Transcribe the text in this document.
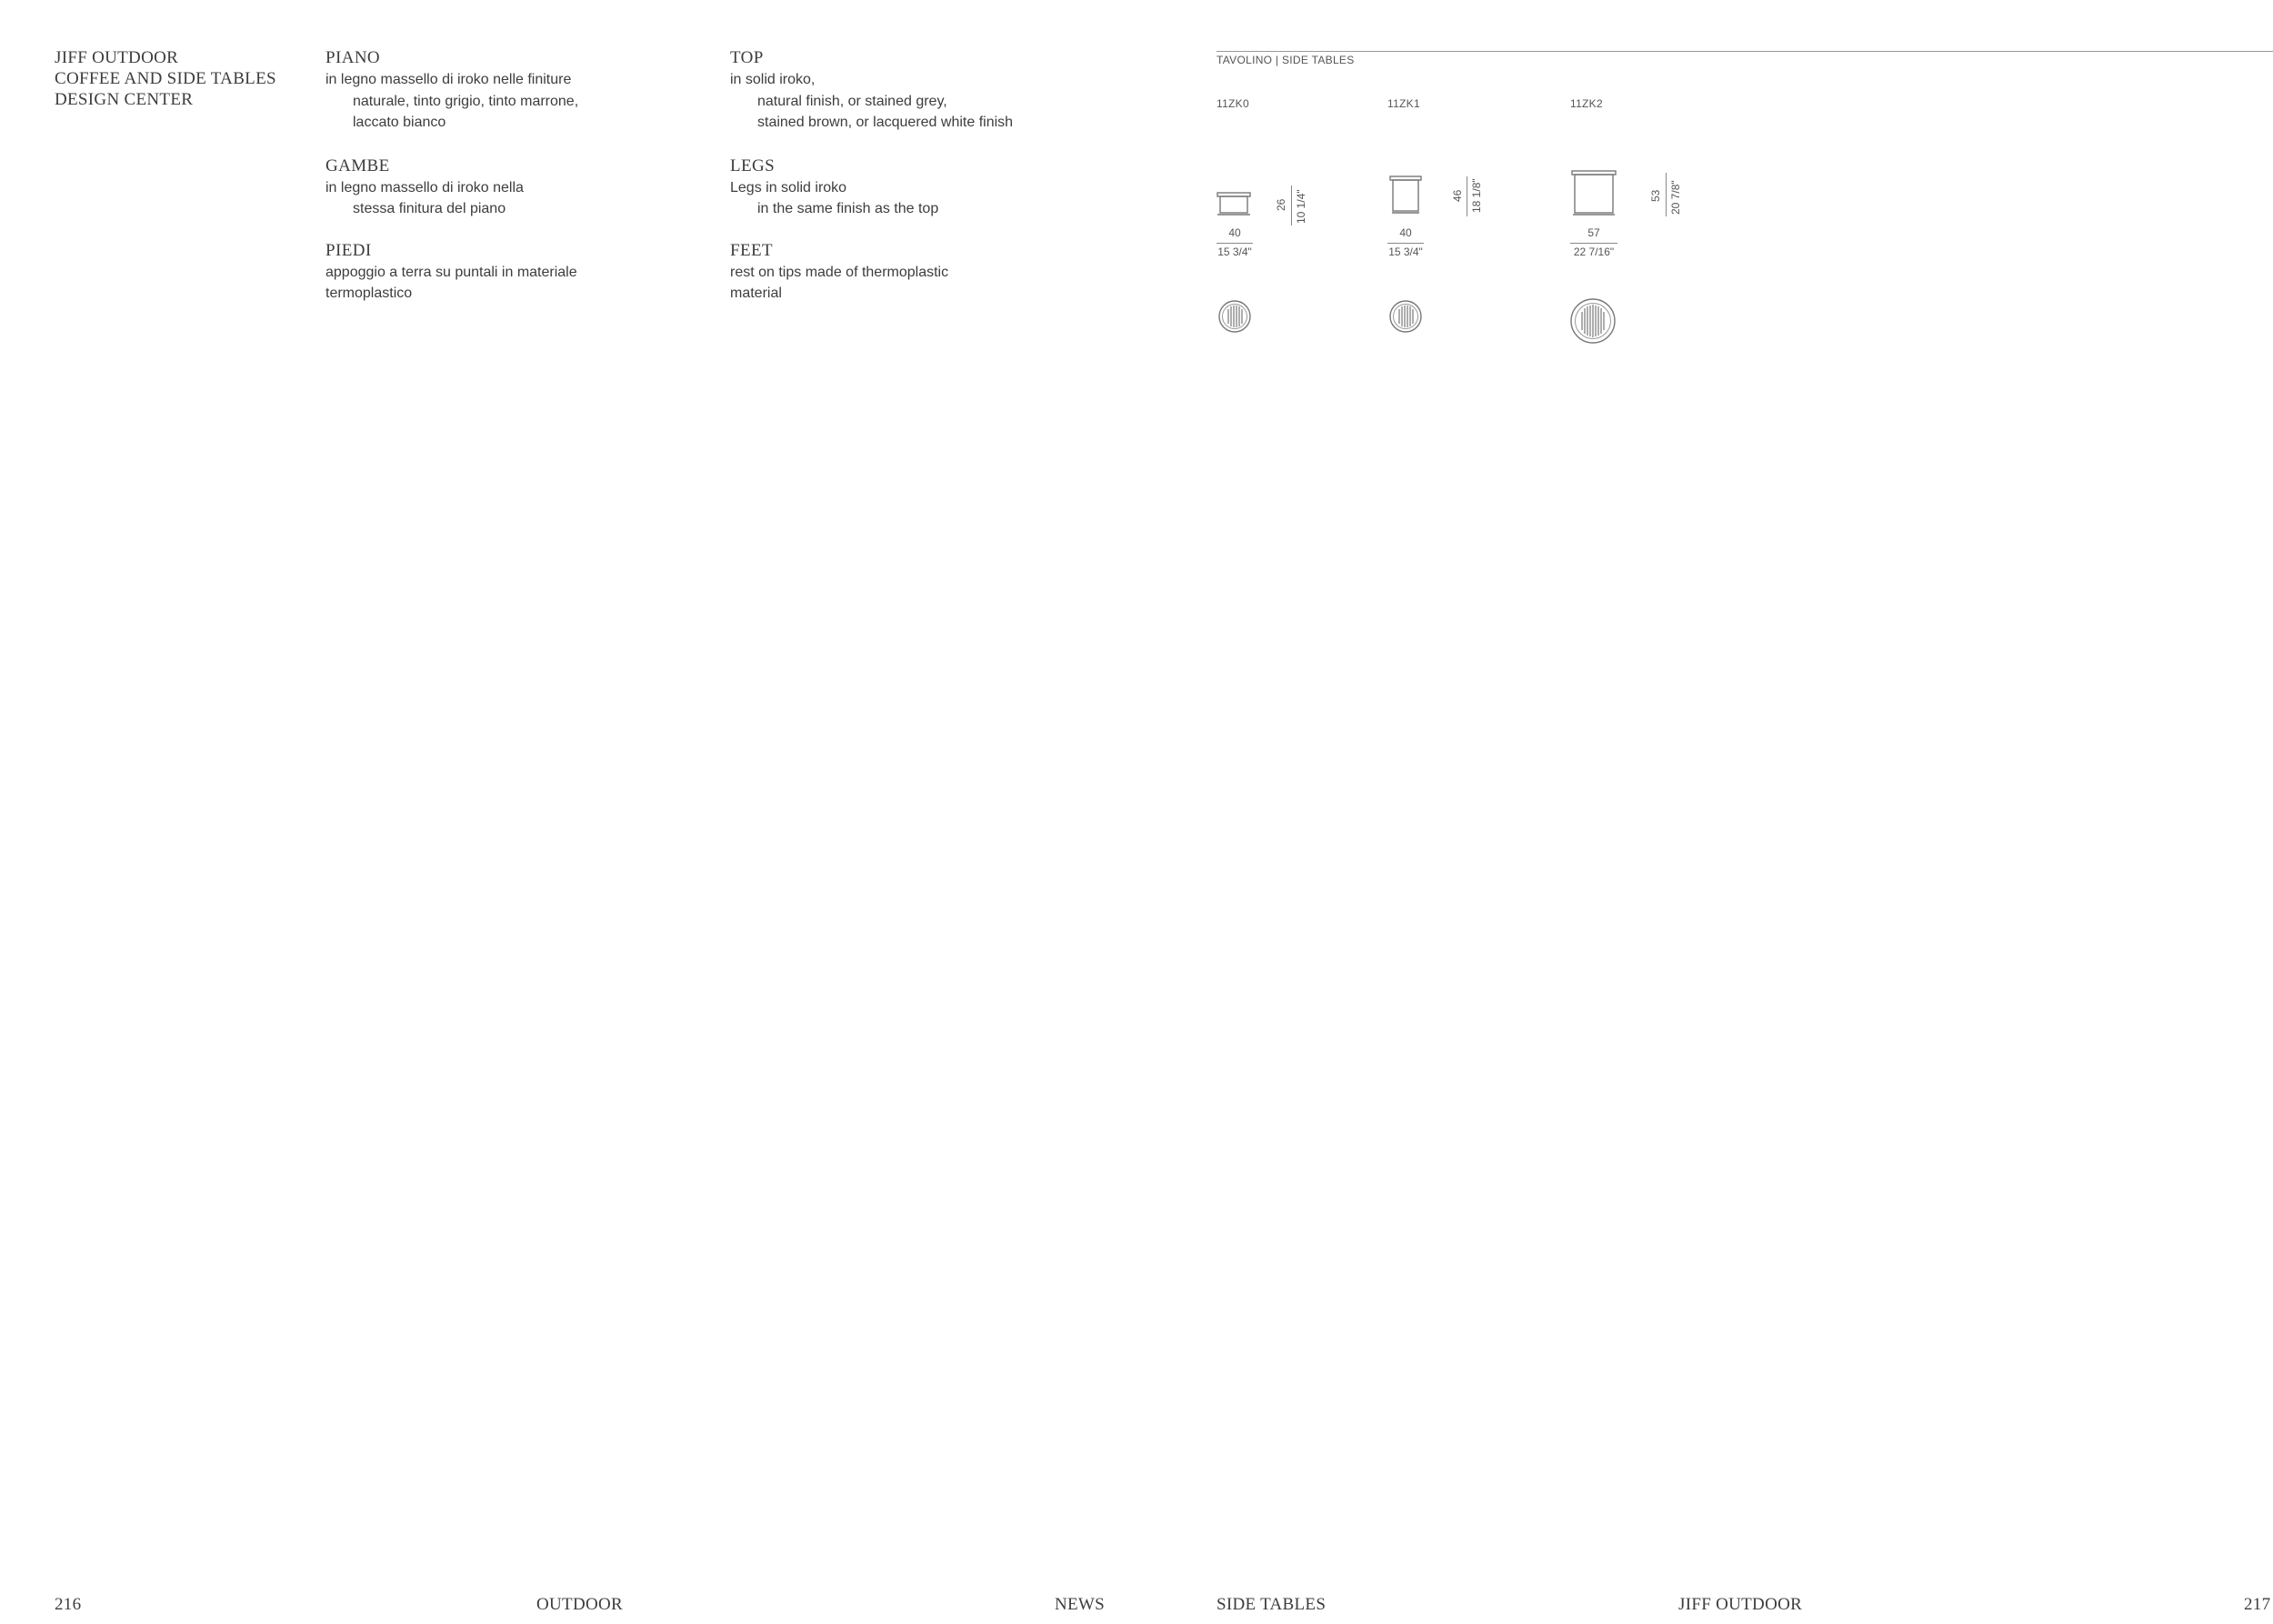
JIFF OUTDOOR
COFFEE AND SIDE TABLES
DESIGN CENTER
PIANO
in legno massello di iroko nelle finiture
naturale, tinto grigio, tinto marrone,
laccato bianco
GAMBE
in legno massello di iroko nella
stessa finitura del piano
PIEDI
appoggio a terra su puntali in materiale
termoplastico
TOP
in solid iroko,
natural finish, or stained grey,
stained brown, or lacquered white finish
LEGS
Legs in solid iroko
in the same finish as the top
FEET
rest on tips made of thermoplastic
material
TAVOLINO | SIDE TABLES
11ZK0
40
15 3/4"
26 10 1/4"
11ZK1
40
15 3/4"
46 18 1/8"
11ZK2
57
22 7/16"
53 20 7/8"
216	OUTDOOR	NEWS	SIDE TABLES	JIFF OUTDOOR	217
